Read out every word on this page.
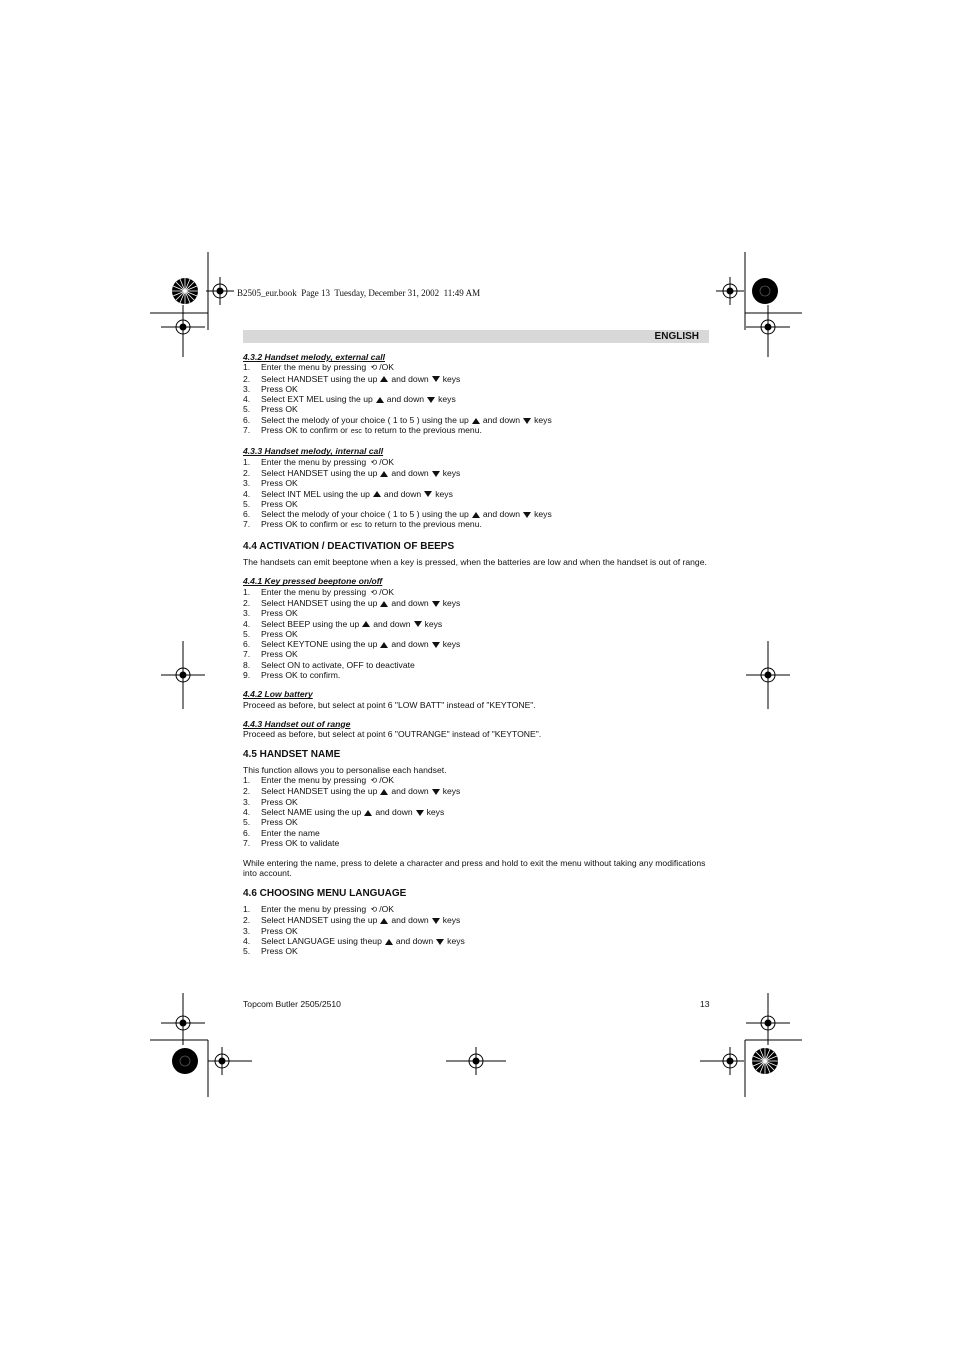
B2505_eur.book  Page 13  Tuesday, December 31, 2002  11:49 AM
ENGLISH
4.3.2 Handset melody, external call
1. Enter the menu by pressing ⟲ /OK
2. Select HANDSET using the up and down keys
3. Press OK
4. Select EXT MEL using the up and down keys
5. Press OK
6. Select the melody of your choice ( 1 to 5 ) using the up and down keys
7. Press OK to confirm or esc to return to the previous menu.
4.3.3 Handset melody, internal call
1. Enter the menu by pressing ⟲ /OK
2. Select HANDSET using the up and down keys
3. Press OK
4. Select INT MEL using the up and down keys
5. Press OK
6. Select the melody of your choice ( 1 to 5 ) using the up and down keys
7. Press OK to confirm or esc to return to the previous menu.
4.4 ACTIVATION / DEACTIVATION OF BEEPS

The handsets can emit beeptone when a key is pressed, when the batteries are low and when the handset is out of range.

4.4.1 Key pressed beeptone on/off
1. Enter the menu by pressing ⟲ /OK
2. Select HANDSET using the up and down keys
3. Press OK
4. Select BEEP using the up and down keys
5. Press OK
6. Select KEYTONE using the up and down keys
7. Press OK
8. Select ON to activate, OFF to deactivate
9. Press OK to confirm.
4.4.2 Low battery

Proceed as before, but select at point 6 "LOW BATT" instead of "KEYTONE".

4.4.3 Handset out of range

Proceed as before, but select at point 6 "OUTRANGE" instead of "KEYTONE".

4.5 HANDSET NAME

This function allows you to personalise each handset.

1. Enter the menu by pressing ⟲ /OK
2. Select HANDSET using the up and down keys
3. Press OK
4. Select NAME using the up and down keys
5. Press OK
6. Enter the name
7. Press OK to validate

While entering the name, press to delete a character and press and hold to exit the menu without taking any modifications into account.

4.6 CHOOSING MENU LANGUAGE
1. Enter the menu by pressing ⟲ /OK
2. Select HANDSET using the up and down keys
3. Press OK
4. Select LANGUAGE using theup and down keys
5. Press OK
Topcom Butler 2505/2510	13
